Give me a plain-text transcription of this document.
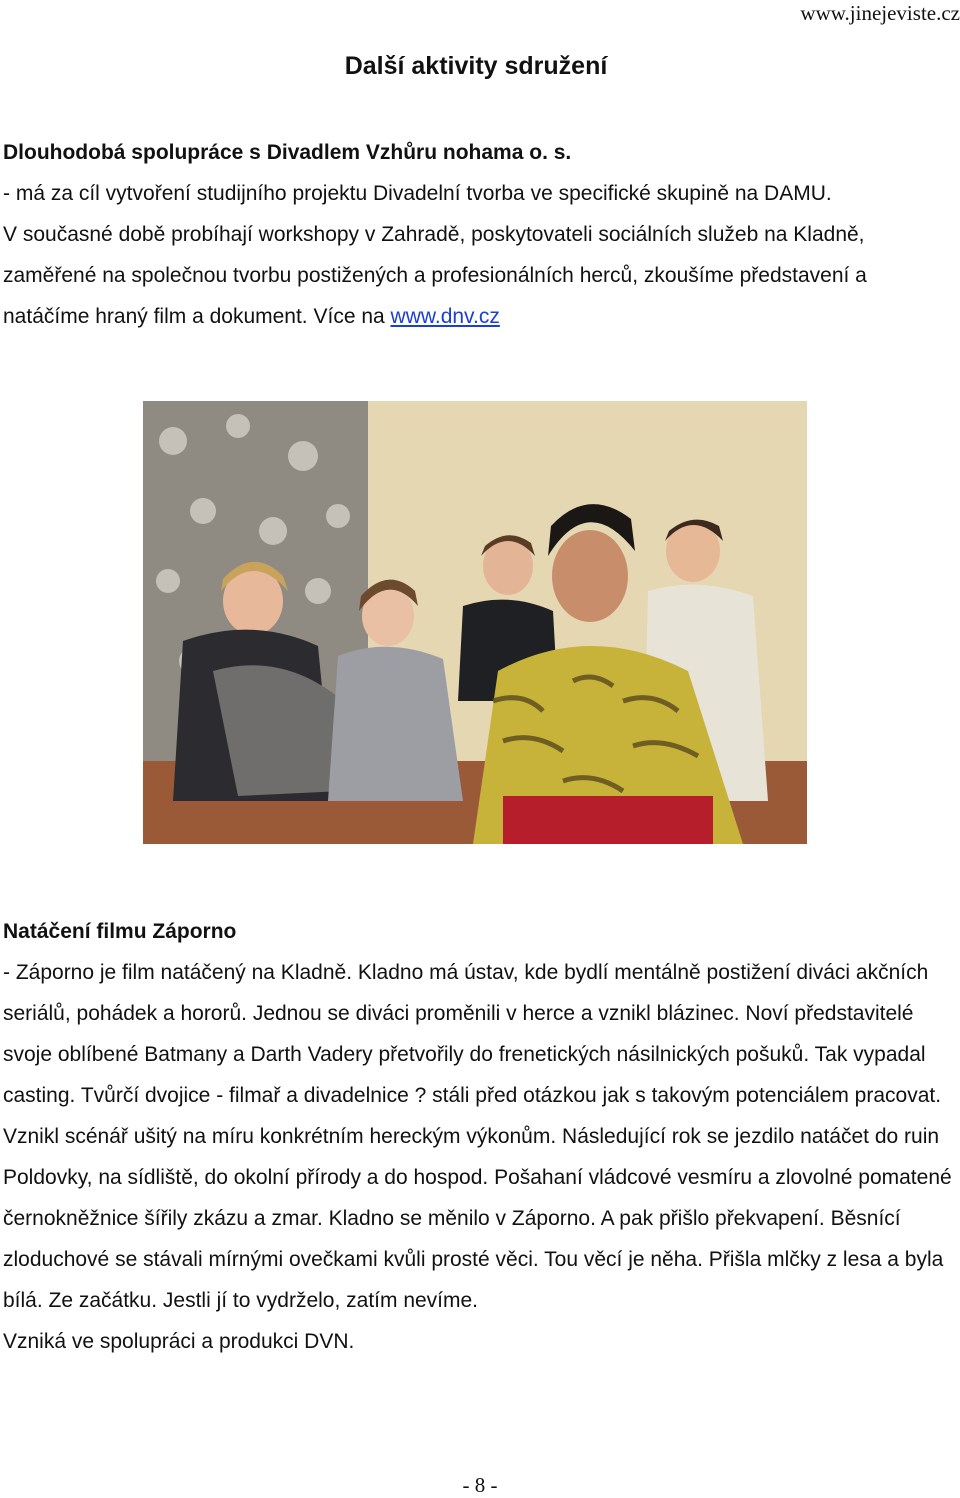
www.jinejeviste.cz
Další aktivity sdružení
Dlouhodobá spolupráce s Divadlem Vzhůru nohama o. s.

- má za cíl vytvoření studijního projektu Divadelní tvorba ve specifické skupině na DAMU.

V současné době probíhají workshopy v Zahradě, poskytovateli sociálních služeb na Kladně, zaměřené na společnou tvorbu postižených a profesionálních herců, zkoušíme představení a natáčíme hraný film a dokument. Více na www.dnv.cz

Natáčení filmu Záporno

- Záporno je film natáčený na Kladně. Kladno má ústav, kde bydlí mentálně postižení diváci akčních seriálů, pohádek a hororů. Jednou se diváci proměnili v herce a vznikl blázinec. Noví představitelé svoje oblíbené Batmany a Darth Vadery přetvořily do frenetických násilnických pošuků. Tak vypadal casting. Tvůrčí dvojice - filmař a divadelnice ? stáli před otázkou jak s takovým potenciálem pracovat. Vznikl scénář ušitý na míru konkrétním hereckým výkonům. Následující rok se jezdilo natáčet do ruin Poldovky, na sídliště, do okolní přírody a do hospod. Pošahaní vládcové vesmíru a zlovolné pomatené černokněžnice šířily zkázu a zmar. Kladno se měnilo v Záporno. A pak přišlo překvapení. Běsnící zloduchové se stávali mírnými ovečkami kvůli prosté věci. Tou věcí je něha. Přišla mlčky z lesa a byla bílá. Ze začátku. Jestli jí to vydrželo, zatím nevíme.

Vzniká ve spolupráci a produkci DVN.

- 8 -
